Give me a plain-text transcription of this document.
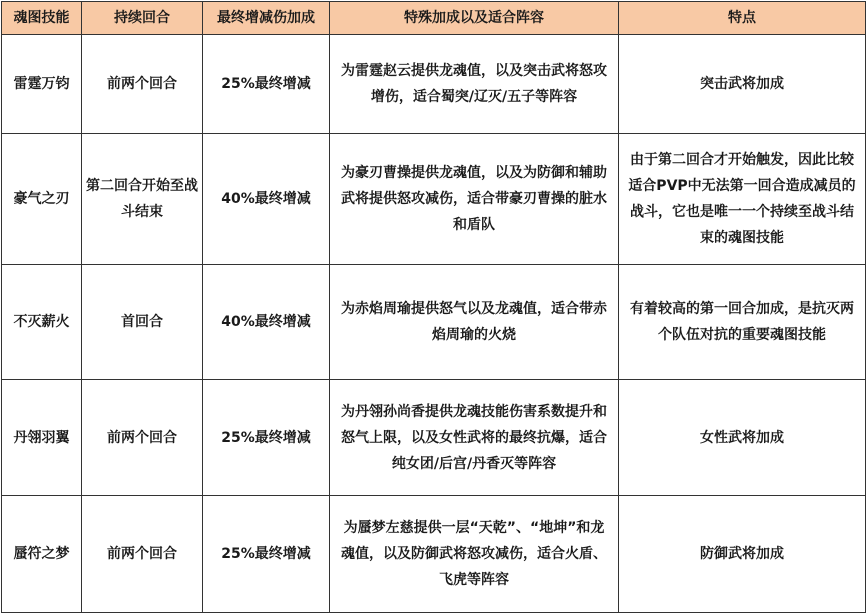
魂图技能	持续回合	最终增减伤加成	特殊加成以及适合阵容	特点
雷霆万钧	前两个回合	25%最终增减	为雷霆赵云提供龙魂值，以及突击武将怒攻增伤，适合蜀突/辽灭/五子等阵容	突击武将加成
豪气之刃	第二回合开始至战斗结束	40%最终增减	为豪刃曹操提供龙魂值，以及为防御和辅助武将提供怒攻减伤，适合带豪刃曹操的脏水和盾队	由于第二回合才开始触发，因此比较适合PVP中无法第一回合造成减员的战斗，它也是唯一一个持续至战斗结束的魂图技能
不灭薪火	首回合	40%最终增减	为赤焰周瑜提供怒气以及龙魂值，适合带赤焰周瑜的火烧	有着较高的第一回合加成，是抗灭两个队伍对抗的重要魂图技能
丹翎羽翼	前两个回合	25%最终增减	为丹翎孙尚香提供龙魂技能伤害系数提升和怒气上限，以及女性武将的最终抗爆，适合纯女团/后宫/丹香灭等阵容	女性武将加成
蜃符之梦	前两个回合	25%最终增减	为蜃梦左慈提供一层“天乾”、“地坤”和龙魂值，以及防御武将怒攻减伤，适合火盾、飞虎等阵容	防御武将加成
